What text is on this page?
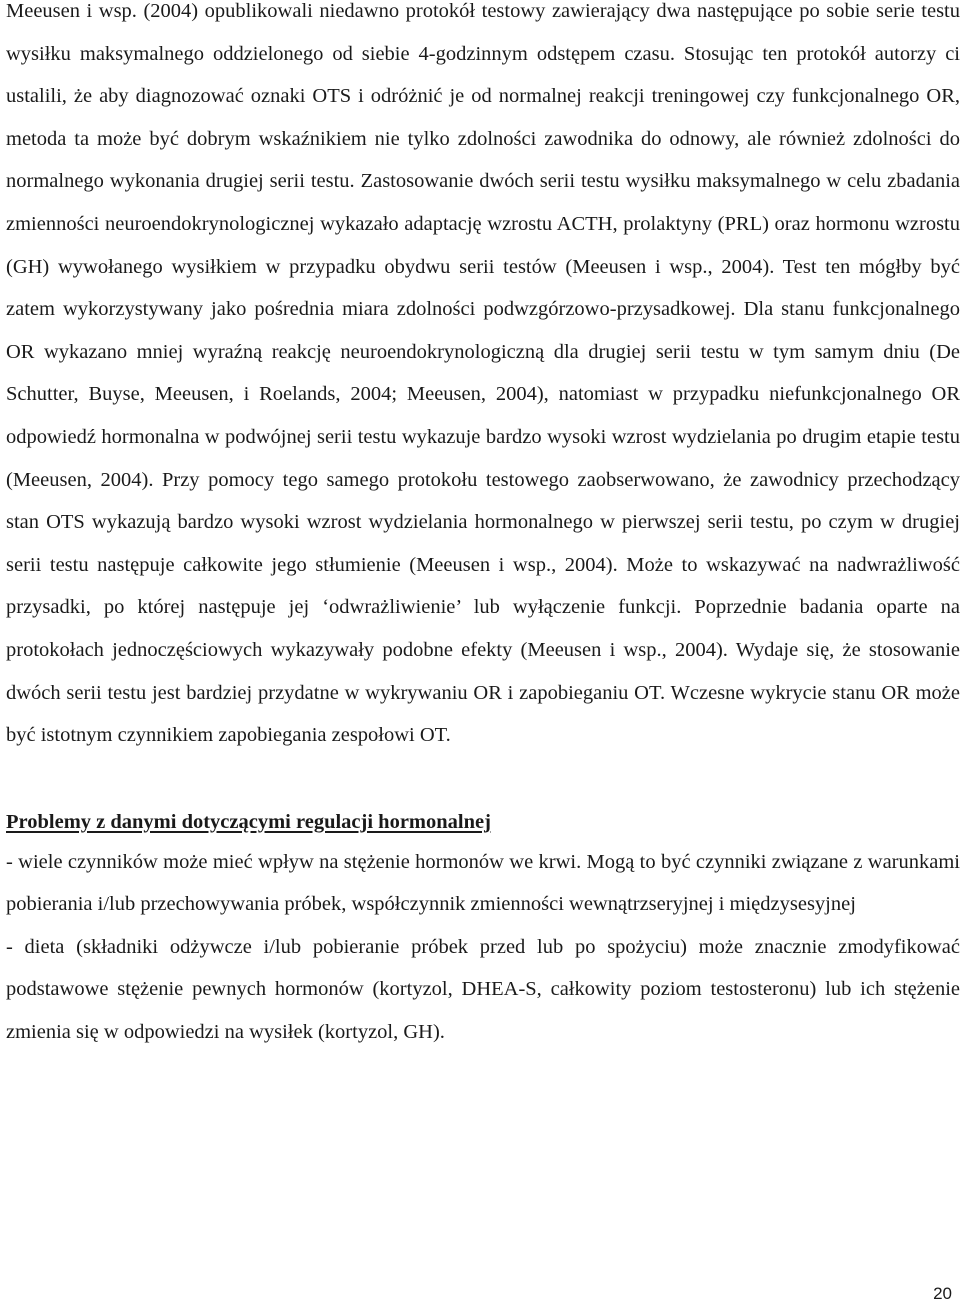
Meeusen i wsp. (2004) opublikowali niedawno protokół testowy zawierający dwa następujące po sobie serie testu wysiłku maksymalnego oddzielonego od siebie 4-godzinnym odstępem czasu. Stosując ten protokół autorzy ci ustalili, że aby diagnozować oznaki OTS i odróżnić je od normalnej reakcji treningowej czy funkcjonalnego OR, metoda ta może być dobrym wskaźnikiem nie tylko zdolności zawodnika do odnowy, ale również zdolności do normalnego wykonania drugiej serii testu. Zastosowanie dwóch serii testu wysiłku maksymalnego w celu zbadania zmienności neuroendokrynologicznej wykazało adaptację wzrostu ACTH, prolaktyny (PRL) oraz hormonu wzrostu (GH) wywołanego wysiłkiem w przypadku obydwu serii testów (Meeusen i wsp., 2004). Test ten mógłby być zatem wykorzystywany jako pośrednia miara zdolności podwzgórzowo-przysadkowej. Dla stanu funkcjonalnego OR wykazano mniej wyraźną reakcję neuroendokrynologiczną dla drugiej serii testu w tym samym dniu (De Schutter, Buyse, Meeusen, i Roelands, 2004; Meeusen, 2004), natomiast w przypadku niefunkcjonalnego OR odpowiedź hormonalna w podwójnej serii testu wykazuje bardzo wysoki wzrost wydzielania po drugim etapie testu (Meeusen, 2004). Przy pomocy tego samego protokołu testowego zaobserwowano, że zawodnicy przechodzący stan OTS wykazują bardzo wysoki wzrost wydzielania hormonalnego w pierwszej serii testu, po czym w drugiej serii testu następuje całkowite jego stłumienie (Meeusen i wsp., 2004). Może to wskazywać na nadwrażliwość przysadki, po której następuje jej ‘odwrażliwienie’ lub wyłączenie funkcji. Poprzednie badania oparte na protokołach jednoczęściowych wykazywały podobne efekty (Meeusen i wsp., 2004). Wydaje się, że stosowanie dwóch serii testu jest bardziej przydatne w wykrywaniu OR i zapobieganiu OT. Wczesne wykrycie stanu OR może być istotnym czynnikiem zapobiegania zespołowi OT.

Problemy z danymi dotyczącymi regulacji hormonalnej

- wiele czynników może mieć wpływ na stężenie hormonów we krwi. Mogą to być czynniki związane z warunkami pobierania i/lub przechowywania próbek, współczynnik zmienności wewnątrzseryjnej i międzysesyjnej

- dieta (składniki odżywcze i/lub pobieranie próbek przed lub po spożyciu) może znacznie zmodyfikować podstawowe stężenie pewnych hormonów (kortyzol, DHEA-S, całkowity poziom testosteronu) lub ich stężenie zmienia się w odpowiedzi na wysiłek (kortyzol, GH).

20
